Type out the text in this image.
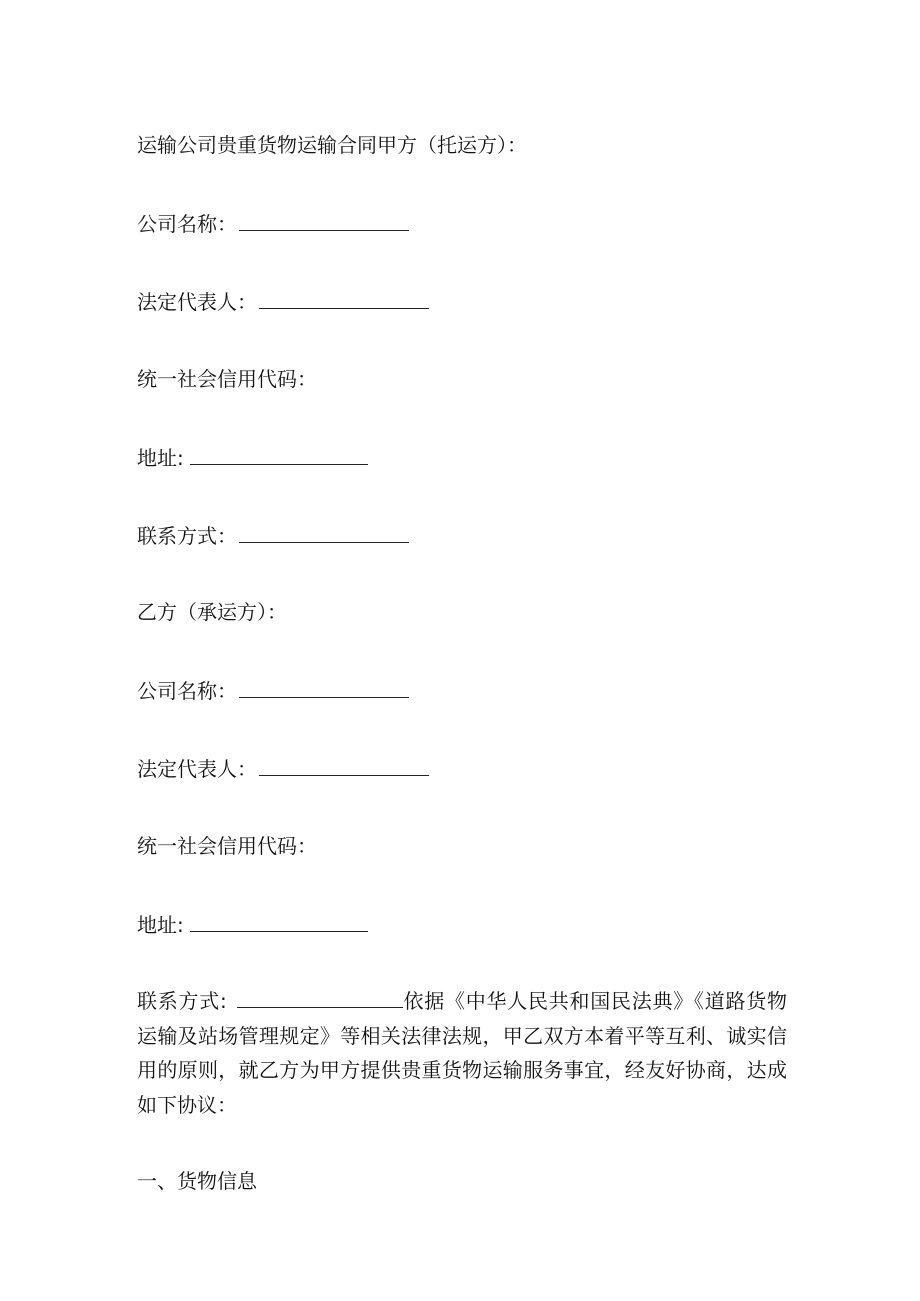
运输公司贵重货物运输合同甲方（托运方）：
公司名称：
法定代表人：
统一社会信用代码：
地址:
联系方式：
乙方（承运方）：
公司名称：
法定代表人：
统一社会信用代码：
地址:
联系方式:	依据《中华人民共和国民法典》《道路货物运输及站场管理规定》等相关法律法规，甲乙双方本着平等互利、诚实信用的原则，就乙方为甲方提供贵重货物运输服务事宜，经友好协商，达成如下协议：
一、货物信息
